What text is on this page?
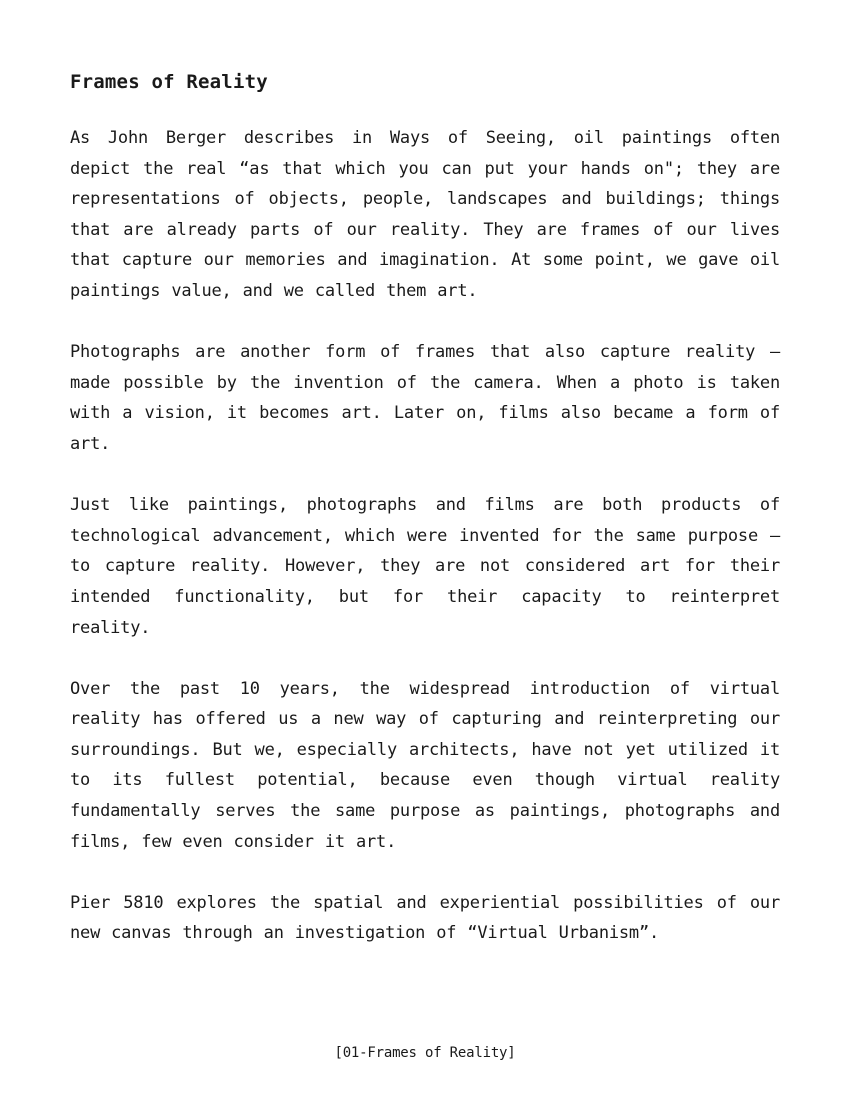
Frames of Reality

As John Berger describes in Ways of Seeing, oil paintings often depict the real “as that which you can put your hands on"; they are representations of objects, people, landscapes and buildings; things that are already parts of our reality. They are frames of our lives that capture our memories and imagination. At some point, we gave oil paintings value, and we called them art.

Photographs are another form of frames that also capture reality – made possible by the invention of the camera. When a photo is taken with a vision, it becomes art. Later on, films also became a form of art.

Just like paintings, photographs and films are both products of technological advancement, which were invented for the same purpose – to capture reality. However, they are not considered art for their intended functionality, but for their capacity to reinterpret reality.

Over the past 10 years, the widespread introduction of virtual reality has offered us a new way of capturing and reinterpreting our surroundings. But we, especially architects, have not yet utilized it to its fullest potential, because even though virtual reality fundamentally serves the same purpose as paintings, photographs and films, few even consider it art.

Pier 5810 explores the spatial and experiential possibilities of our new canvas through an investigation of “Virtual Urbanism”.

[01-Frames of Reality]
